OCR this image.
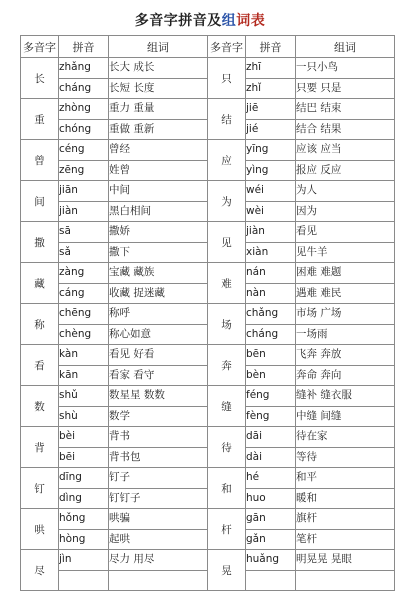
多音字拼音及组词表
多音字	拼音	组词	多音字	拼音	组词
长	zhǎng	长大 成长	只	zhī	一只小鸟
	cháng	长短 长度		zhǐ	只要 只是
重	zhòng	重力 重量	结	jiē	结巴 结束
	chóng	重做 重新		jié	结合 结果
曾	céng	曾经	应	yīng	应该 应当
	zēng	姓曾		yìng	报应 反应
间	jiān	中间	为	wéi	为人
	jiàn	黑白相间		wèi	因为
撒	sā	撒娇	见	jiàn	看见
	sǎ	撒下		xiàn	见牛羊
藏	zàng	宝藏 藏族	难	nán	困难 难题
	cáng	收藏 捉迷藏		nàn	遇难 难民
称	chēng	称呼	场	chǎng	市场 广场
	chèng	称心如意		cháng	一场雨
看	kàn	看见 好看	奔	bēn	飞奔 奔放
	kān	看家 看守		bèn	奔命 奔向
数	shǔ	数星星 数数	缝	féng	缝补 缝衣服
	shù	数学		fèng	中缝 间缝
背	bèi	背书	待	dāi	待在家
	bēi	背书包		dài	等待
钉	dīng	钉子	和	hé	和平
	dìng	钉钉子		huo	暖和
哄	hǒng	哄骗	杆	gān	旗杆
	hòng	起哄		gǎn	笔杆
尽	jìn	尽力 用尽	晃	huǎng	明晃晃 晃眼
